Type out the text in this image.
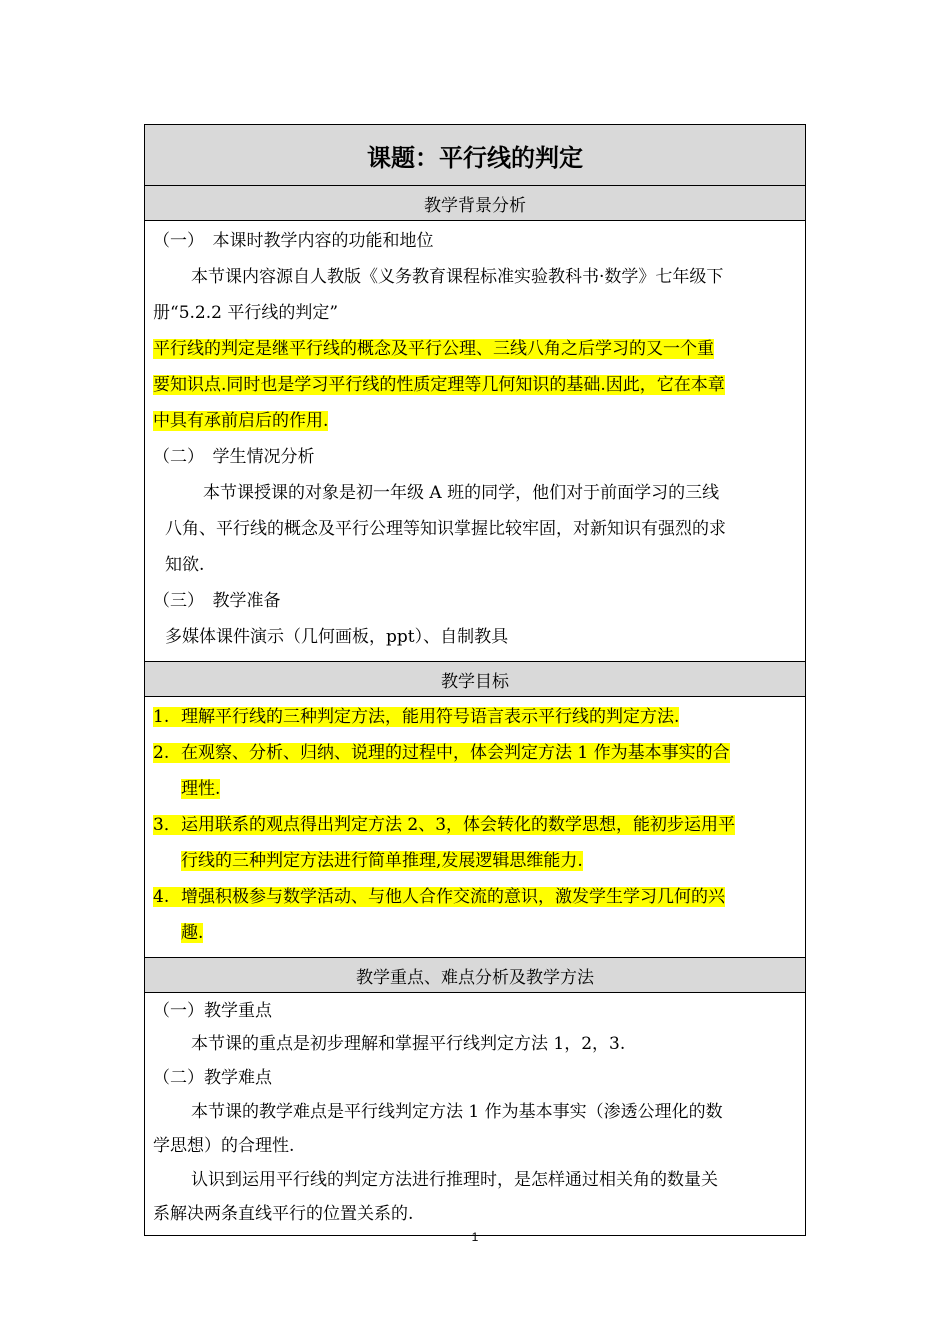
课题：平行线的判定
教学背景分析
（一）　本课时教学内容的功能和地位
本节课内容源自人教版《义务教育课程标准实验教科书·数学》七年级下
册“5.2.2 平行线的判定”
平行线的判定是继平行线的概念及平行公理、三线八角之后学习的又一个重
要知识点.同时也是学习平行线的性质定理等几何知识的基础.因此，它在本章
中具有承前启后的作用.
（二）　学生情况分析
本节课授课的对象是初一年级 A 班的同学，他们对于前面学习的三线
八角、平行线的概念及平行公理等知识掌握比较牢固，对新知识有强烈的求
知欲.
（三）　教学准备
多媒体课件演示（几何画板，ppt）、自制教具
教学目标
1. 理解平行线的三种判定方法，能用符号语言表示平行线的判定方法.
2. 在观察、分析、归纳、说理的过程中，体会判定方法 1 作为基本事实的合
理性.
3．运用联系的观点得出判定方法 2、3，体会转化的数学思想，能初步运用平
行线的三种判定方法进行简单推理,发展逻辑思维能力.
4. 增强积极参与数学活动、与他人合作交流的意识，激发学生学习几何的兴
趣.
教学重点、难点分析及教学方法
（一）教学重点
本节课的重点是初步理解和掌握平行线判定方法 1，2，3.
（二）教学难点
本节课的教学难点是平行线判定方法 1 作为基本事实（渗透公理化的数
学思想）的合理性.
认识到运用平行线的判定方法进行推理时，是怎样通过相关角的数量关
系解决两条直线平行的位置关系的.
1
